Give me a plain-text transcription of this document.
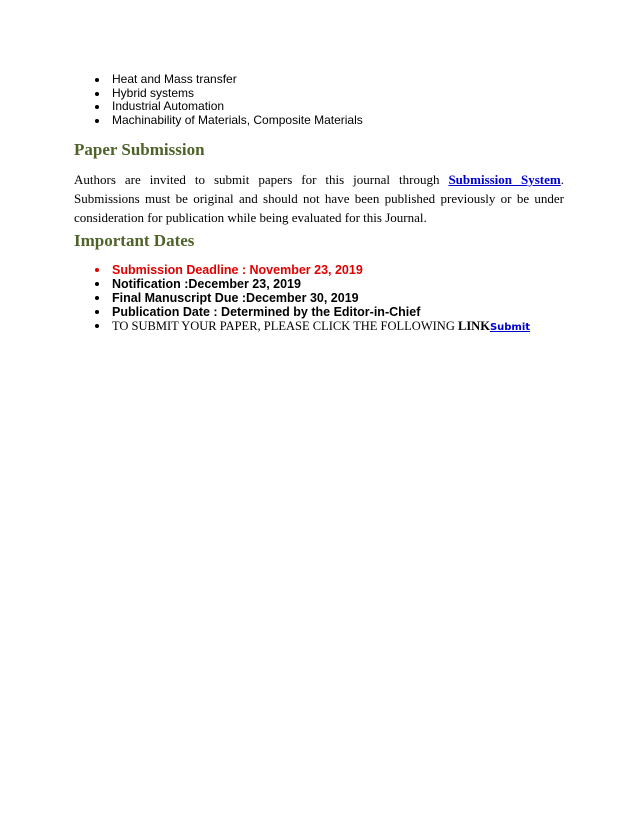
Heat and Mass transfer
Hybrid systems
Industrial Automation
Machinability of Materials, Composite Materials
Paper Submission

Authors are invited to submit papers for this journal through Submission System. Submissions must be original and should not have been published previously or be under consideration for publication while being evaluated for this Journal.

Important Dates
Submission Deadline : November 23, 2019
Notification :December 23, 2019
Final Manuscript Due :December 30, 2019
Publication Date : Determined by the Editor-in-Chief
TO SUBMIT YOUR PAPER, PLEASE CLICK THE FOLLOWING LINKSubmit
